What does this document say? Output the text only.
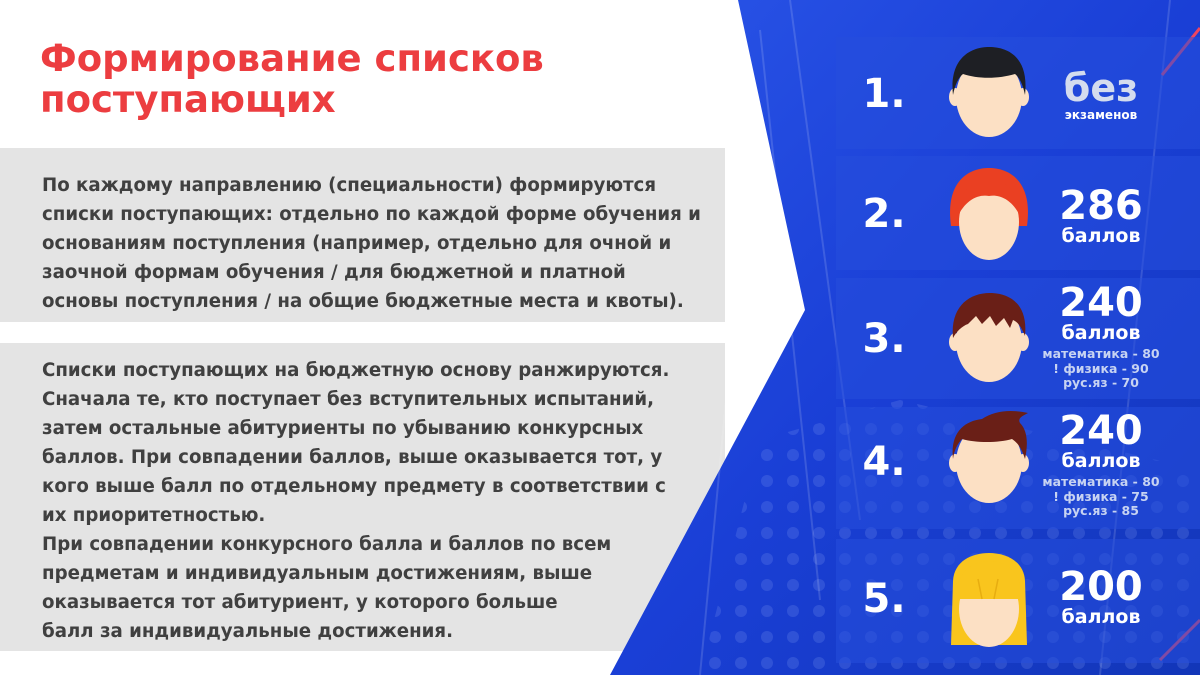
Формирование списков
поступающих
По каждому направлению (специальности) формируются
списки поступающих: отдельно по каждой форме обучения и
основаниям поступления (например, отдельно для очной и
заочной формам обучения / для бюджетной и платной
основы поступления / на общие бюджетные места и квоты).
Списки поступающих на бюджетную основу ранжируются.
Сначала те, кто поступает без вступительных испытаний,
затем остальные абитуриенты по убыванию конкурсных
баллов. При совпадении баллов, выше оказывается тот, у
кого выше балл по отдельному предмету в соответствии с
их приоритетностью.
При совпадении конкурсного балла и баллов по всем
предметам и индивидуальным достижениям, выше
оказывается тот абитуриент, у которого больше
балл за индивидуальные достижения.
1.	без
экзаменов
2.	286
баллов
3.
240
баллов
математика - 80
! физика - 90
рус.яз - 70
4.
240
баллов
математика - 80
! физика - 75
рус.яз - 85
5.	200
баллов
